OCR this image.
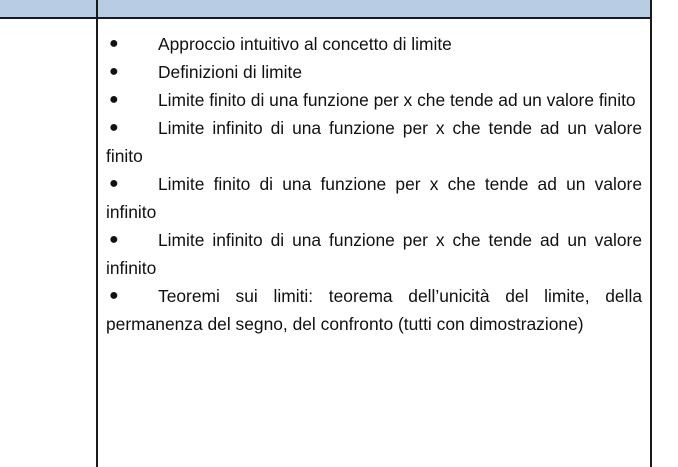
● Approccio intuitivo al concetto di limite
● Definizioni di limite
● Limite finito di una funzione per x che tende ad un valore finito
● Limite infinito di una funzione per x che tende ad un valore finito
● Limite finito di una funzione per x che tende ad un valore infinito
● Limite infinito di una funzione per x che tende ad un valore infinito
● Teoremi sui limiti: teorema dell’unicità del limite, della permanenza del segno, del confronto (tutti con dimostrazione)
